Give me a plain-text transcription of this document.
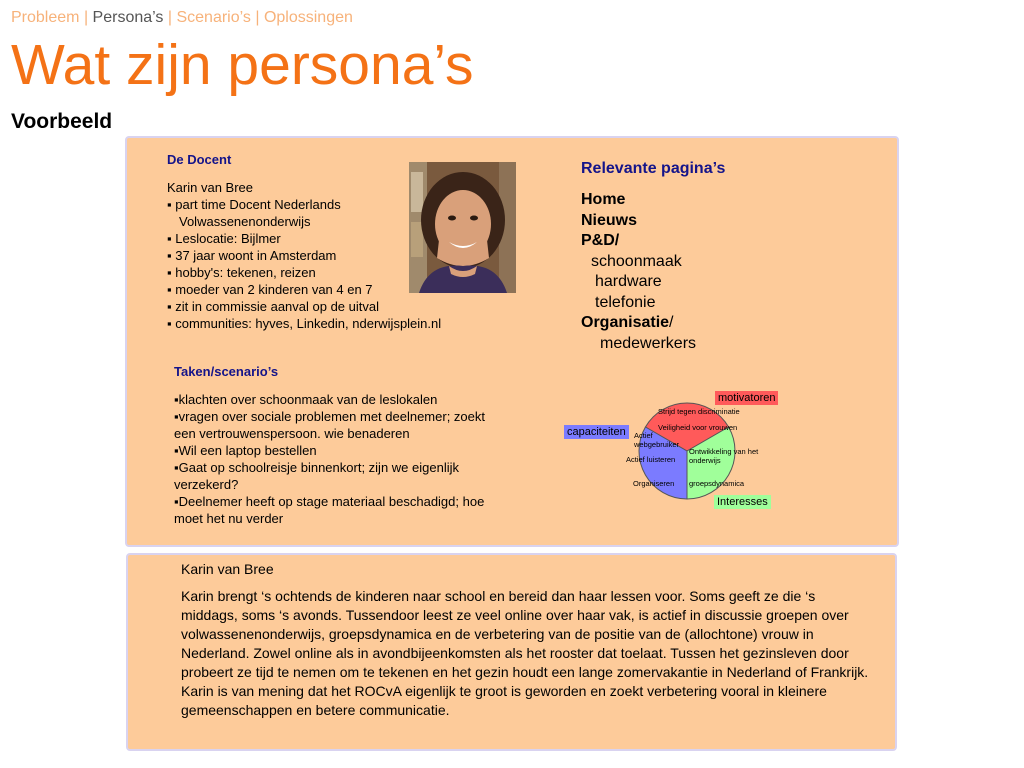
Probleem | Persona’s | Scenario’s | Oplossingen
Wat zijn persona’s
Voorbeeld
De Docent
Karin van Bree
▪ part time Docent Nederlands
Volwassenenonderwijs
▪ Leslocatie: Bijlmer
▪ 37 jaar woont in Amsterdam
▪ hobby's: tekenen, reizen
▪ moeder van 2 kinderen van 4 en 7
▪ zit in commissie aanval op de uitval
▪ communities: hyves, Linkedin, nderwijsplein.nl
Relevante pagina’s
Home
Nieuws
P&D/
schoonmaak
hardware
telefonie
Organisatie/
medewerkers
Taken/scenario’s
▪klachten over schoonmaak van de leslokalen
▪vragen over sociale problemen met deelnemer; zoekt een vertrouwenspersoon. wie benaderen
▪Wil een laptop bestellen
▪Gaat op schoolreisje binnenkort; zijn we eigenlijk verzekerd?
▪Deelnemer heeft op stage materiaal beschadigd; hoe moet het nu verder
motivatoren
capaciteiten
Interesses
Strijd tegen discriminatie
Veiligheid voor vrouwen
Ontwikkeling van het onderwijs
groepsdynamica
Actief webgebruiker
Actief luisteren
Organiseren
Karin van Bree
Karin brengt ‘s ochtends de kinderen naar school en bereid dan haar lessen voor. Soms geeft ze die ‘s middags, soms ‘s avonds. Tussendoor leest ze veel online over haar vak, is actief in discussie groepen over volwassenenonderwijs, groepsdynamica en de verbetering van de positie van de (allochtone) vrouw in Nederland. Zowel online als in avondbijeenkomsten als het rooster dat toelaat. Tussen het gezinsleven door probeert ze tijd te nemen om te tekenen en het gezin houdt een lange zomervakantie in Nederland of Frankrijk. Karin is van mening dat het ROCvA eigenlijk te groot is geworden en zoekt verbetering vooral in kleinere gemeenschappen en betere communicatie.
